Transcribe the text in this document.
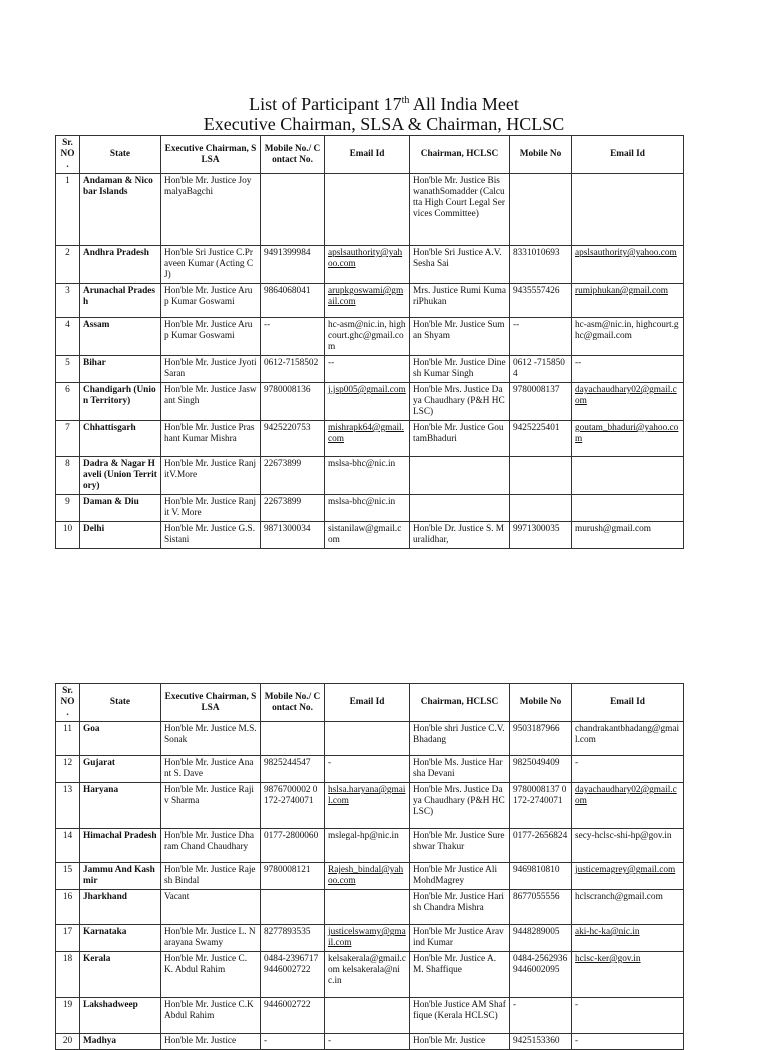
List of Participant 17th All India Meet
Executive Chairman, SLSA & Chairman, HCLSC
Sr. NO .	State	Executive Chairman, SLSA	Mobile No./ Contact No.	Email Id	Chairman, HCLSC	Mobile No	Email Id
1	Andaman & Nicobar Islands	Hon'ble Mr. Justice JoymalyaBagchi			Hon'ble Mr. Justice BiswanathSomadder (Calcutta High Court Legal Services Committee)		
2	Andhra Pradesh	Hon'ble Sri Justice C.Praveen Kumar (Acting CJ)	9491399984	apslsauthority@yahoo.com	Hon'ble Sri Justice A.V.Sesha Sai	8331010693	apslsauthority@yahoo.com
3	Arunachal Pradesh	Hon'ble Mr. Justice Arup Kumar Goswami	9864068041	arupkgoswami@gmail.com	Mrs. Justice Rumi KumariPhukan	9435557426	rumiphukan@gmail.com
4	Assam	Hon'ble Mr. Justice Arup Kumar Goswami	--	hc-asm@nic.in, highcourt.ghc@gmail.com	Hon'ble Mr. Justice Suman Shyam	--	hc-asm@nic.in, highcourt.ghc@gmail.com
5	Bihar	Hon'ble Mr. Justice Jyoti Saran	0612-7158502	--	Hon'ble Mr. Justice Dinesh Kumar Singh	0612 -7158504	--
6	Chandigarh (Union Territory)	Hon'ble Mr. Justice Jaswant Singh	9780008136	j.jsp005@gmail.com	Hon'ble Mrs. Justice Daya Chaudhary (P&H HCLSC)	9780008137	dayachaudhary02@gmail.com
7	Chhattisgarh	Hon'ble Mr. Justice Prashant Kumar Mishra	9425220753	mishrapk64@gmail.com	Hon'ble Mr. Justice GoutamBhaduri	9425225401	goutam_bhaduri@yahoo.com
8	Dadra & Nagar Haveli (Union Territory)	Hon'ble Mr. Justice RanjitV.More	22673899	mslsa-bhc@nic.in			
9	Daman & Diu	Hon'ble Mr. Justice Ranjit V. More	22673899	mslsa-bhc@nic.in			
10	Delhi	Hon'ble Mr. Justice G.S. Sistani	9871300034	sistanilaw@gmail.com	Hon'ble Dr. Justice S. Muralidhar,	9971300035	murush@gmail.com
Sr. NO .	State	Executive Chairman, SLSA	Mobile No./ Contact No.	Email Id	Chairman, HCLSC	Mobile No	Email Id
11	Goa	Hon'ble Mr. Justice M.S.Sonak			Hon'ble shri Justice C.V. Bhadang	9503187966	chandrakantbhadang@gmail.com
12	Gujarat	Hon'ble Mr. Justice Anant S. Dave	9825244547	-	Hon'ble Ms. Justice Harsha Devani	9825049409	-
13	Haryana	Hon'ble Mr. Justice Rajiv Sharma	9876700002 0172-2740071	hslsa.haryana@gmail.com	Hon'ble Mrs. Justice Daya Chaudhary (P&H HCLSC)	9780008137 0172-2740071	dayachaudhary02@gmail.com
14	Himachal Pradesh	Hon'ble Mr. Justice Dharam Chand Chaudhary	0177-2800060	mslegal-hp@nic.in	Hon'ble Mr. Justice Sureshwar Thakur	0177-2656824	secy-hclsc-shi-hp@gov.in
15	Jammu And Kashmir	Hon'ble Mr. Justice Rajesh Bindal	9780008121	Rajesh_bindal@yahoo.com	Hon'ble Mr Justice Ali MohdMagrey	9469810810	justicemagrey@gmail.com
16	Jharkhand	Vacant			Hon'ble Mr. Justice Harish Chandra Mishra	8677055556	hclscranch@gmail.com
17	Karnataka	Hon'ble Mr. Justice L. Narayana Swamy	8277893535	justicelswamy@gmail.com	Hon'ble Mr Justice Aravind Kumar	9448289005	aki-hc-ka@nic.in
18	Kerala	Hon'ble Mr. Justice C. K. Abdul Rahim	0484-2396717 9446002722	kelsakerala@gmail.com kelsakerala@nic.in	Hon'ble Mr. Justice A.M. Shaffique	0484-2562936 9446002095	hclsc-ker@gov.in
19	Lakshadweep	Hon'ble Mr. Justice C.K Abdul Rahim	9446002722		Hon'ble Justice AM Shaffique (Kerala HCLSC)	-	-
20	Madhya	Hon'ble Mr. Justice	-	-	Hon'ble Mr. Justice	9425153360	-
